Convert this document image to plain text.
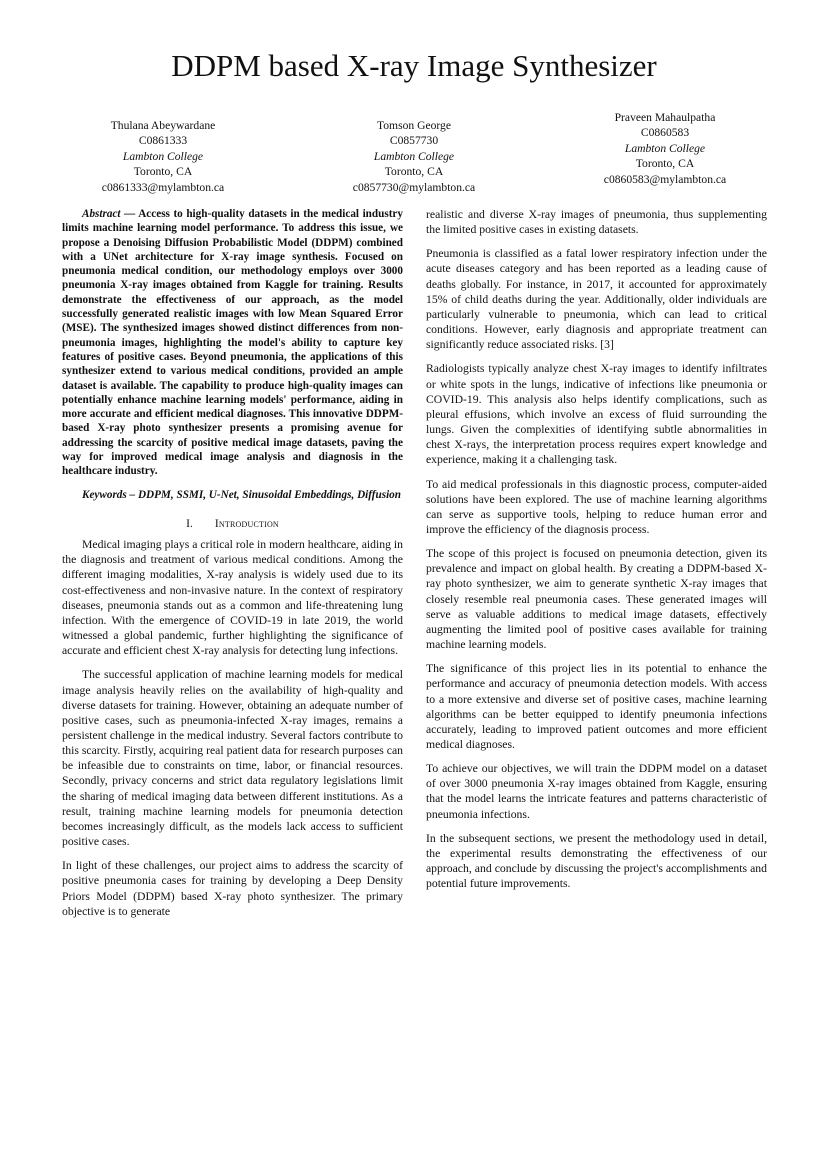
DDPM based X-ray Image Synthesizer
Thulana Abeywardane
C0861333
Lambton College
Toronto, CA
c0861333@mylambton.ca
Tomson George
C0857730
Lambton College
Toronto, CA
c0857730@mylambton.ca
Praveen Mahaulpatha
C0860583
Lambton College
Toronto, CA
c0860583@mylambton.ca

Abstract — Access to high-quality datasets in the medical industry limits machine learning model performance. To address this issue, we propose a Denoising Diffusion Probabilistic Model (DDPM) combined with a UNet architecture for X-ray image synthesis. Focused on pneumonia medical condition, our methodology employs over 3000 pneumonia X-ray images obtained from Kaggle for training. Results demonstrate the effectiveness of our approach, as the model successfully generated realistic images with low Mean Squared Error (MSE). The synthesized images showed distinct differences from non-pneumonia images, highlighting the model's ability to capture key features of positive cases. Beyond pneumonia, the applications of this synthesizer extend to various medical conditions, provided an ample dataset is available. The capability to produce high-quality images can potentially enhance machine learning models' performance, aiding in more accurate and efficient medical diagnoses. This innovative DDPM-based X-ray photo synthesizer presents a promising avenue for addressing the scarcity of positive medical image datasets, paving the way for improved medical image analysis and diagnosis in the healthcare industry.

Keywords – DDPM, SSMI, U-Net, Sinusoidal Embeddings, Diffusion

I. Introduction

Medical imaging plays a critical role in modern healthcare, aiding in the diagnosis and treatment of various medical conditions. Among the different imaging modalities, X-ray analysis is widely used due to its cost-effectiveness and non-invasive nature. In the context of respiratory diseases, pneumonia stands out as a common and life-threatening lung infection. With the emergence of COVID-19 in late 2019, the world witnessed a global pandemic, further highlighting the significance of accurate and efficient chest X-ray analysis for detecting lung infections.

The successful application of machine learning models for medical image analysis heavily relies on the availability of high-quality and diverse datasets for training. However, obtaining an adequate number of positive cases, such as pneumonia-infected X-ray images, remains a persistent challenge in the medical industry. Several factors contribute to this scarcity. Firstly, acquiring real patient data for research purposes can be infeasible due to constraints on time, labor, or financial resources. Secondly, privacy concerns and strict data regulatory legislations limit the sharing of medical imaging data between different institutions. As a result, training machine learning models for pneumonia detection becomes increasingly difficult, as the models lack access to sufficient positive cases.

In light of these challenges, our project aims to address the scarcity of positive pneumonia cases for training by developing a Deep Density Priors Model (DDPM) based X-ray photo synthesizer. The primary objective is to generate

realistic and diverse X-ray images of pneumonia, thus supplementing the limited positive cases in existing datasets.

Pneumonia is classified as a fatal lower respiratory infection under the acute diseases category and has been reported as a leading cause of deaths globally. For instance, in 2017, it accounted for approximately 15% of child deaths during the year. Additionally, older individuals are particularly vulnerable to pneumonia, which can lead to critical conditions. However, early diagnosis and appropriate treatment can significantly reduce associated risks. [3]

Radiologists typically analyze chest X-ray images to identify infiltrates or white spots in the lungs, indicative of infections like pneumonia or COVID-19. This analysis also helps identify complications, such as pleural effusions, which involve an excess of fluid surrounding the lungs. Given the complexities of identifying subtle abnormalities in chest X-rays, the interpretation process requires expert knowledge and experience, making it a challenging task.

To aid medical professionals in this diagnostic process, computer-aided solutions have been explored. The use of machine learning algorithms can serve as supportive tools, helping to reduce human error and improve the efficiency of the diagnosis process.

The scope of this project is focused on pneumonia detection, given its prevalence and impact on global health. By creating a DDPM-based X-ray photo synthesizer, we aim to generate synthetic X-ray images that closely resemble real pneumonia cases. These generated images will serve as valuable additions to medical image datasets, effectively augmenting the limited pool of positive cases available for training machine learning models.

The significance of this project lies in its potential to enhance the performance and accuracy of pneumonia detection models. With access to a more extensive and diverse set of positive cases, machine learning algorithms can be better equipped to identify pneumonia infections accurately, leading to improved patient outcomes and more efficient medical diagnoses.

To achieve our objectives, we will train the DDPM model on a dataset of over 3000 pneumonia X-ray images obtained from Kaggle, ensuring that the model learns the intricate features and patterns characteristic of pneumonia infections.

In the subsequent sections, we present the methodology used in detail, the experimental results demonstrating the effectiveness of our approach, and conclude by discussing the project's accomplishments and potential future improvements.
